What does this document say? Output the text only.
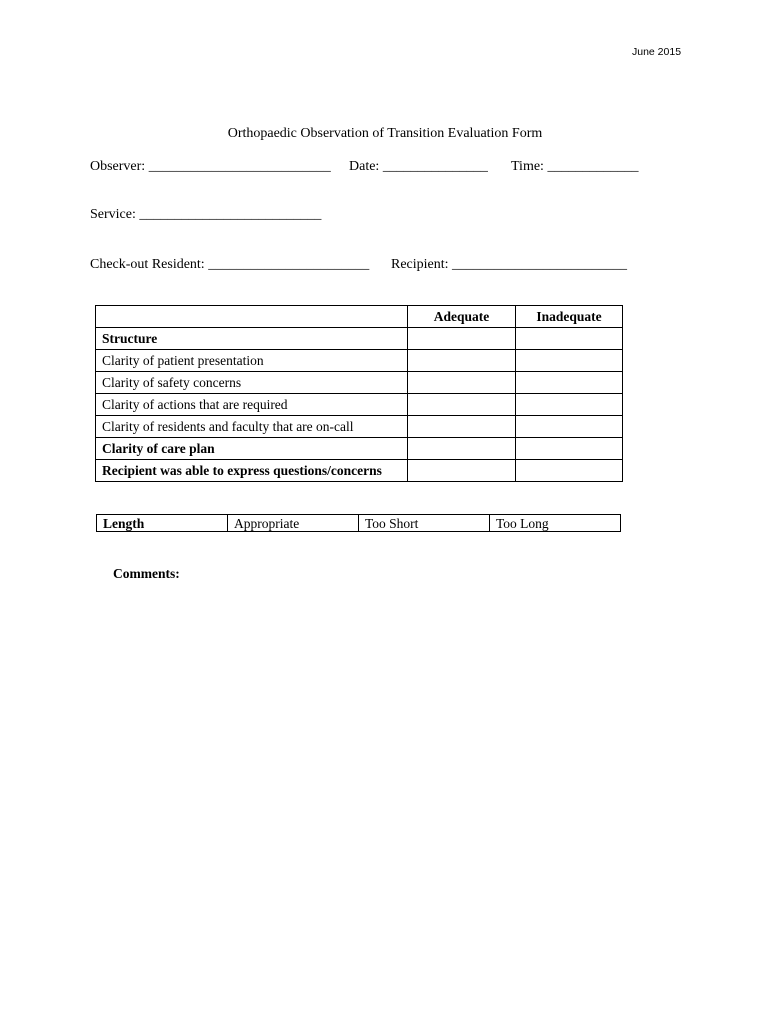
June 2015
Orthopaedic Observation of Transition Evaluation Form
Observer: __________________________ Date: _______________ Time: _____________
Service: __________________________
Check-out Resident: _______________________ Recipient: _________________________
	Adequate	Inadequate
Structure		
Clarity of patient presentation		
Clarity of safety concerns		
Clarity of actions that are required		
Clarity of residents and faculty that are on-call		
Clarity of care plan		
Recipient was able to express questions/concerns		
Length	Appropriate	Too Short	Too Long
Comments:
